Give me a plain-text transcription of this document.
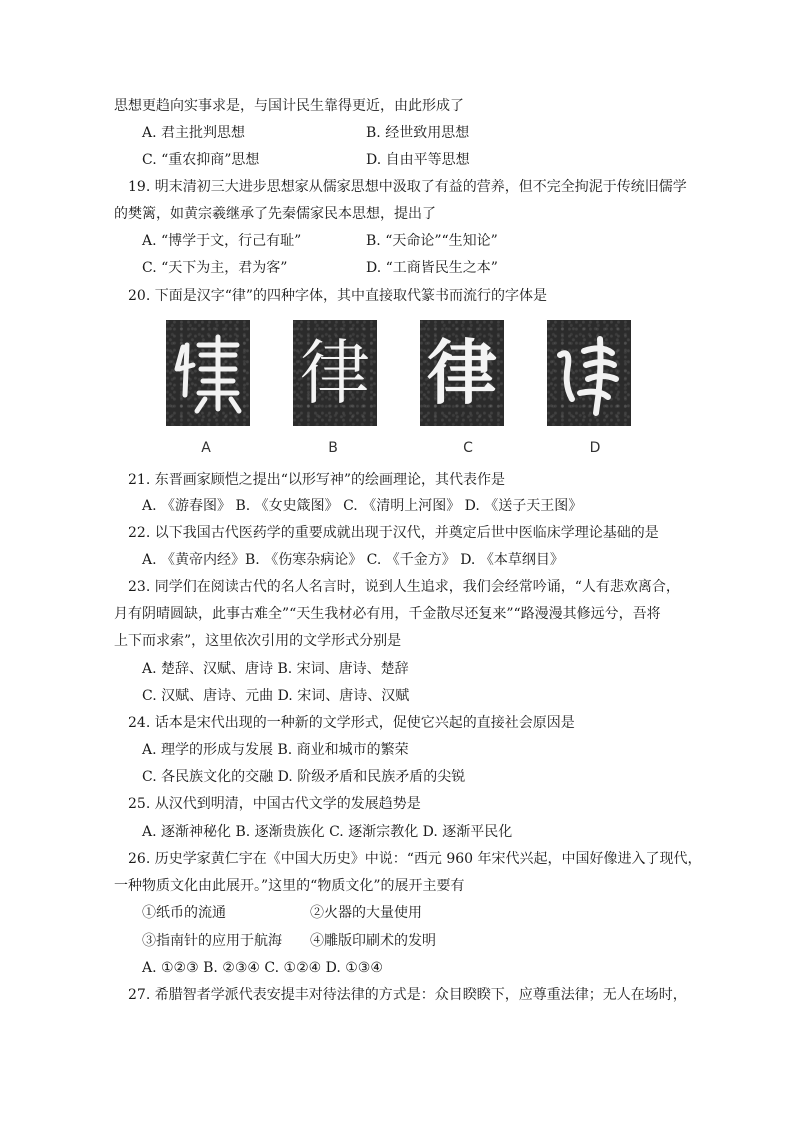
思想更趋向实事求是，与国计民生靠得更近，由此形成了
A. 君主批判思想	B. 经世致用思想
C. “重农抑商”思想	D. 自由平等思想
19. 明末清初三大进步思想家从儒家思想中汲取了有益的营养，但不完全拘泥于传统旧儒学
的樊篱，如黄宗羲继承了先秦儒家民本思想，提出了
A. “博学于文，行己有耻”	B. “天命论”“生知论”
C. “天下为主，君为客”	D. “工商皆民生之本”
20. 下面是汉字“律”的四种字体，其中直接取代篆书而流行的字体是
律 律
A	B	C	D
21. 东晋画家顾恺之提出“以形写神”的绘画理论，其代表作是
A. 《游春图》 B. 《女史箴图》 C. 《清明上河图》 D. 《送子天王图》
22. 以下我国古代医药学的重要成就出现于汉代，并奠定后世中医临床学理论基础的是
A. 《黄帝内经》B. 《伤寒杂病论》 C. 《千金方》 D. 《本草纲目》
23. 同学们在阅读古代的名人名言时，说到人生追求，我们会经常吟诵，“人有悲欢离合，
月有阴晴圆缺，此事古难全”“天生我材必有用，千金散尽还复来”“路漫漫其修远兮，吾将
上下而求索”，这里依次引用的文学形式分别是
A. 楚辞、汉赋、唐诗 B. 宋词、唐诗、楚辞
C. 汉赋、唐诗、元曲 D. 宋词、唐诗、汉赋
24. 话本是宋代出现的一种新的文学形式，促使它兴起的直接社会原因是
A. 理学的形成与发展 B. 商业和城市的繁荣
C. 各民族文化的交融 D. 阶级矛盾和民族矛盾的尖锐
25. 从汉代到明清，中国古代文学的发展趋势是
A. 逐渐神秘化 B. 逐渐贵族化 C. 逐渐宗教化 D. 逐渐平民化
26. 历史学家黄仁宇在《中国大历史》中说：“西元 960 年宋代兴起，中国好像进入了现代，
一种物质文化由此展开。”这里的“物质文化”的展开主要有
①纸币的流通	②火器的大量使用
③指南针的应用于航海 ④雕版印刷术的发明
A. ①②③ B. ②③④ C. ①②④ D. ①③④
27. 希腊智者学派代表安提丰对待法律的方式是：众目睽睽下，应尊重法律；无人在场时，
